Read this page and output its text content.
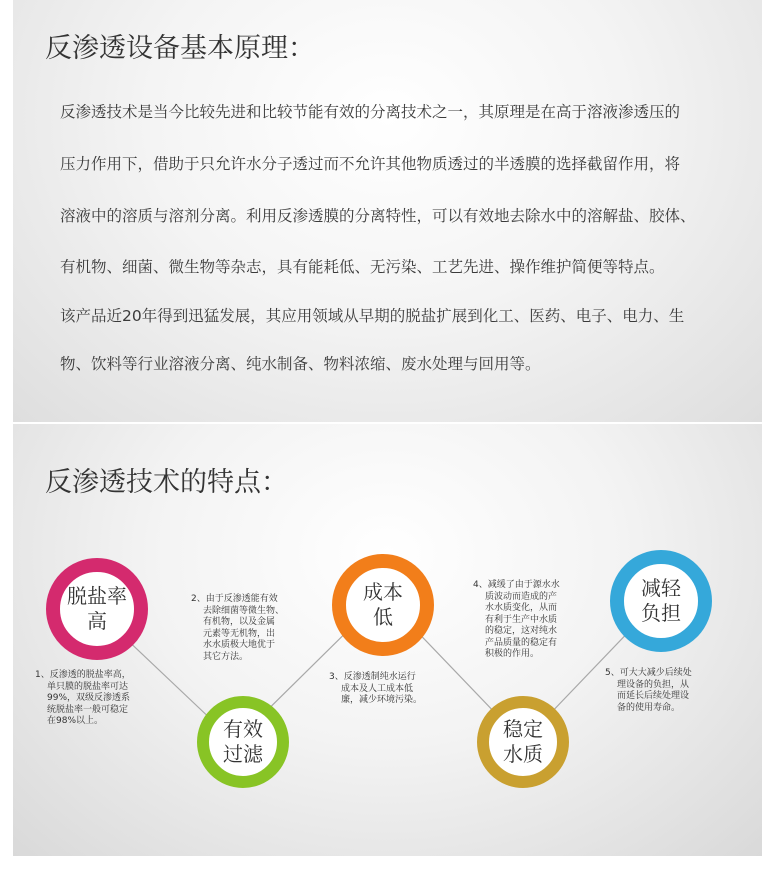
反渗透设备基本原理：
反渗透技术是当今比较先进和比较节能有效的分离技术之一，其原理是在高于溶液渗透压的
压力作用下，借助于只允许水分子透过而不允许其他物质透过的半透膜的选择截留作用，将
溶液中的溶质与溶剂分离。利用反渗透膜的分离特性，可以有效地去除水中的溶解盐、胶体、
有机物、细菌、微生物等杂志，具有能耗低、无污染、工艺先进、操作维护简便等特点。
该产品近20年得到迅猛发展，其应用领域从早期的脱盐扩展到化工、医药、电子、电力、生
物、饮料等行业溶液分离、纯水制备、物料浓缩、废水处理与回用等。
反渗透技术的特点：
脱盐率
高
1、反渗透的脱盐率高，
单只膜的脱盐率可达
99%，双级反渗透系
统脱盐率一般可稳定
在98%以上。	有效
过滤
2、由于反渗透能有效
去除细菌等微生物、
有机物，以及金属
元素等无机物，出
水水质极大地优于
其它方法。
成本
低
3、反渗透制纯水运行
成本及人工成本低
廉，减少环境污染。
稳定
水质
4、减缓了由于源水水
质波动而造成的产
水水质变化，从而
有利于生产中水质
的稳定，这对纯水
产品质量的稳定有
积极的作用。
减轻
负担
5、可大大减少后续处
理设备的负担，从
而延长后续处理设
备的使用寿命。
